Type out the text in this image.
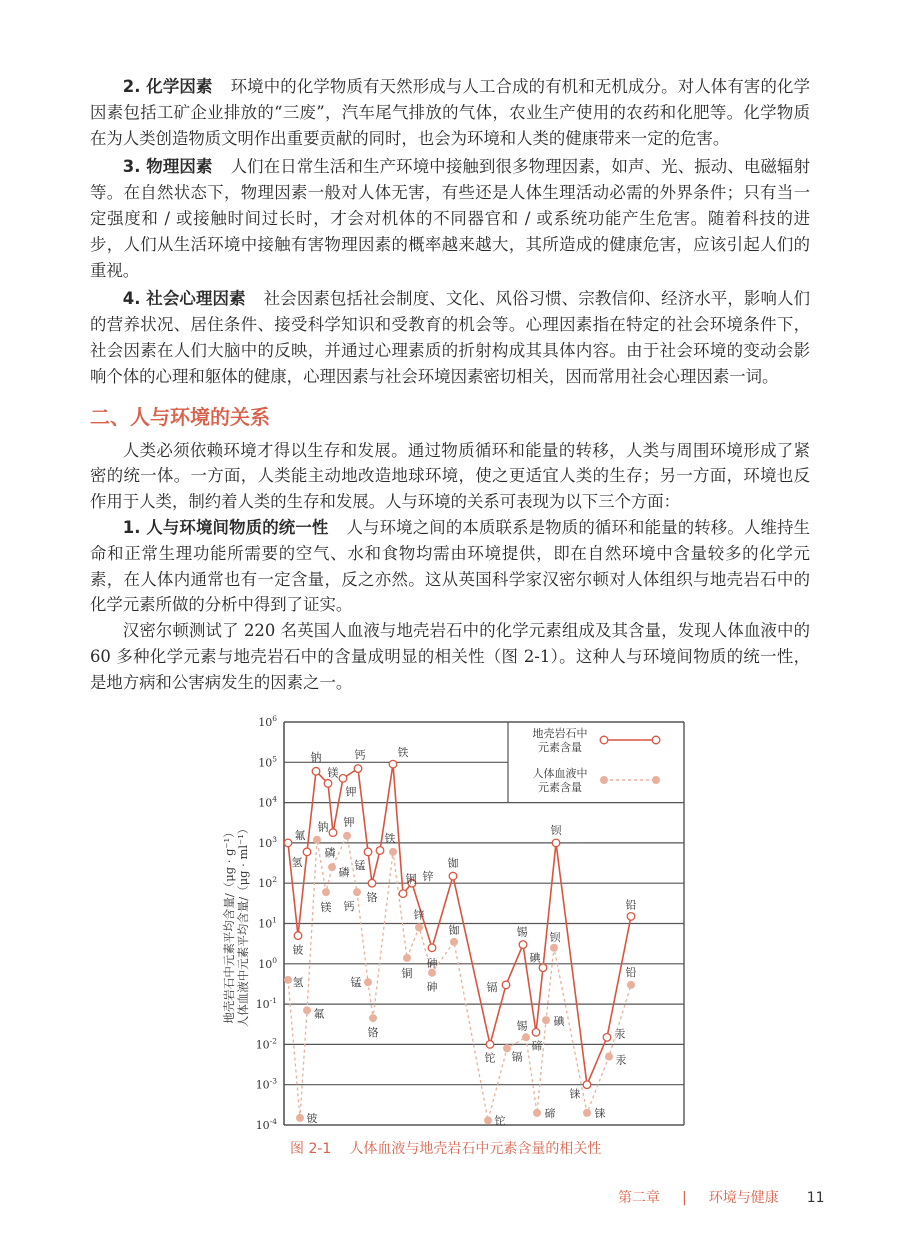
2. 化学因素 环境中的化学物质有天然形成与人工合成的有机和无机成分。对人体有害的化学因素包括工矿企业排放的“三废”，汽车尾气排放的气体，农业生产使用的农药和化肥等。化学物质在为人类创造物质文明作出重要贡献的同时，也会为环境和人类的健康带来一定的危害。

3. 物理因素 人们在日常生活和生产环境中接触到很多物理因素，如声、光、振动、电磁辐射等。在自然状态下，物理因素一般对人体无害，有些还是人体生理活动必需的外界条件；只有当一定强度和 / 或接触时间过长时，才会对机体的不同器官和 / 或系统功能产生危害。随着科技的进步，人们从生活环境中接触有害物理因素的概率越来越大，其所造成的健康危害，应该引起人们的重视。

4. 社会心理因素 社会因素包括社会制度、文化、风俗习惯、宗教信仰、经济水平，影响人们的营养状况、居住条件、接受科学知识和受教育的机会等。心理因素指在特定的社会环境条件下，社会因素在人们大脑中的反映，并通过心理素质的折射构成其具体内容。由于社会环境的变动会影响个体的心理和躯体的健康，心理因素与社会环境因素密切相关，因而常用社会心理因素一词。

二、人与环境的关系

人类必须依赖环境才得以生存和发展。通过物质循环和能量的转移，人类与周围环境形成了紧密的统一体。一方面，人类能主动地改造地球环境，使之更适宜人类的生存；另一方面，环境也反作用于人类，制约着人类的生存和发展。人与环境的关系可表现为以下三个方面：

1. 人与环境间物质的统一性 人与环境之间的本质联系是物质的循环和能量的转移。人维持生命和正常生理功能所需要的空气、水和食物均需由环境提供，即在自然环境中含量较多的化学元素，在人体内通常也有一定含量，反之亦然。这从英国科学家汉密尔顿对人体组织与地壳岩石中的化学元素所做的分析中得到了证实。

汉密尔顿测试了 220 名英国人血液与地壳岩石中的化学元素组成及其含量，发现人体血液中的 60 多种化学元素与地壳岩石中的含量成明显的相关性（图 2-1）。这种人与环境间物质的统一性，是地方病和公害病发生的因素之一。

$10^6$
$10^5$
$10^4$
$10^3$
$10^2$
$10^1$
$10^0$
$10^{-1}$
$10^{-2}$
$10^{-3}$
$10^{-4}$
地壳岩石中元素平均含量/（μg · g⁻¹） 人体血液中元素平均含量/（μg · ml⁻¹）
地壳岩石中
元素含量
人体血液中
元素含量
氢
铍
氟
钠
镁
磷
钾
钙
锰
铬
铁
铜
锌
砷
铷
铊
镉
锡
碲
碘
钡
铼
汞
铅
氢
铍
氟
钠
镁
磷
钾
钙
锰
铬
铁
铜 锌
砷
铷
铊
镉
锡
碲
碘
钡
铼
汞
铅
图 2-1 人体血液与地壳岩石中元素含量的相关性
第二章 | 环境与健康 11
